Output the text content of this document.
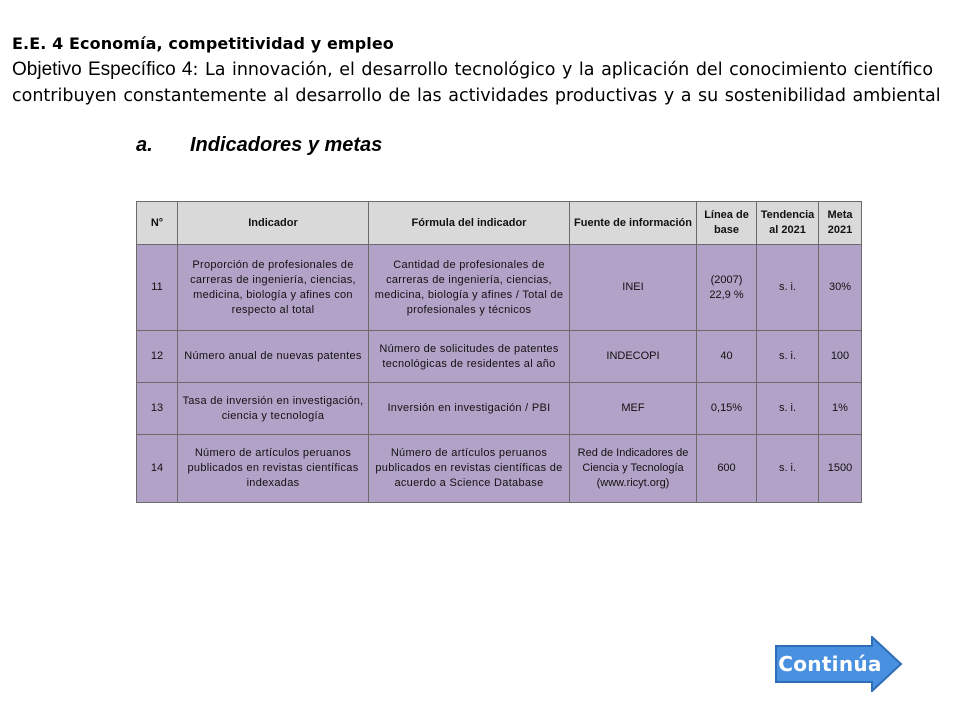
E.E. 4 Economía, competitividad y empleo

Objetivo Específico 4: La innovación, el desarrollo tecnológico y la aplicación del conocimiento científico contribuyen constantemente al desarrollo de las actividades productivas y a su sostenibilidad ambiental

a. Indicadores y metas
N°	Indicador	Fórmula del indicador	Fuente de información	Línea de base	Tendencia al 2021	Meta 2021
11	Proporción de profesionales de carreras de ingeniería, ciencias, medicina, biología y afines con respecto al total	Cantidad de profesionales de carreras de ingeniería, ciencias, medicina, biología y afines / Total de profesionales y técnicos	INEI	(2007) 22,9 %	s. i.	30%
12	Número anual de nuevas patentes	Número de solicitudes de patentes tecnológicas de residentes al año	INDECOPI	40	s. i.	100
13	Tasa de inversión en investigación, ciencia y tecnología	Inversión en investigación / PBI	MEF	0,15%	s. i.	1%
14	Número de artículos peruanos publicados en revistas científicas indexadas	Número de artículos peruanos publicados en revistas científicas de acuerdo a Science Database	Red de Indicadores de Ciencia y Tecnología (www.ricyt.org)	600	s. i.	1500
Continúa
